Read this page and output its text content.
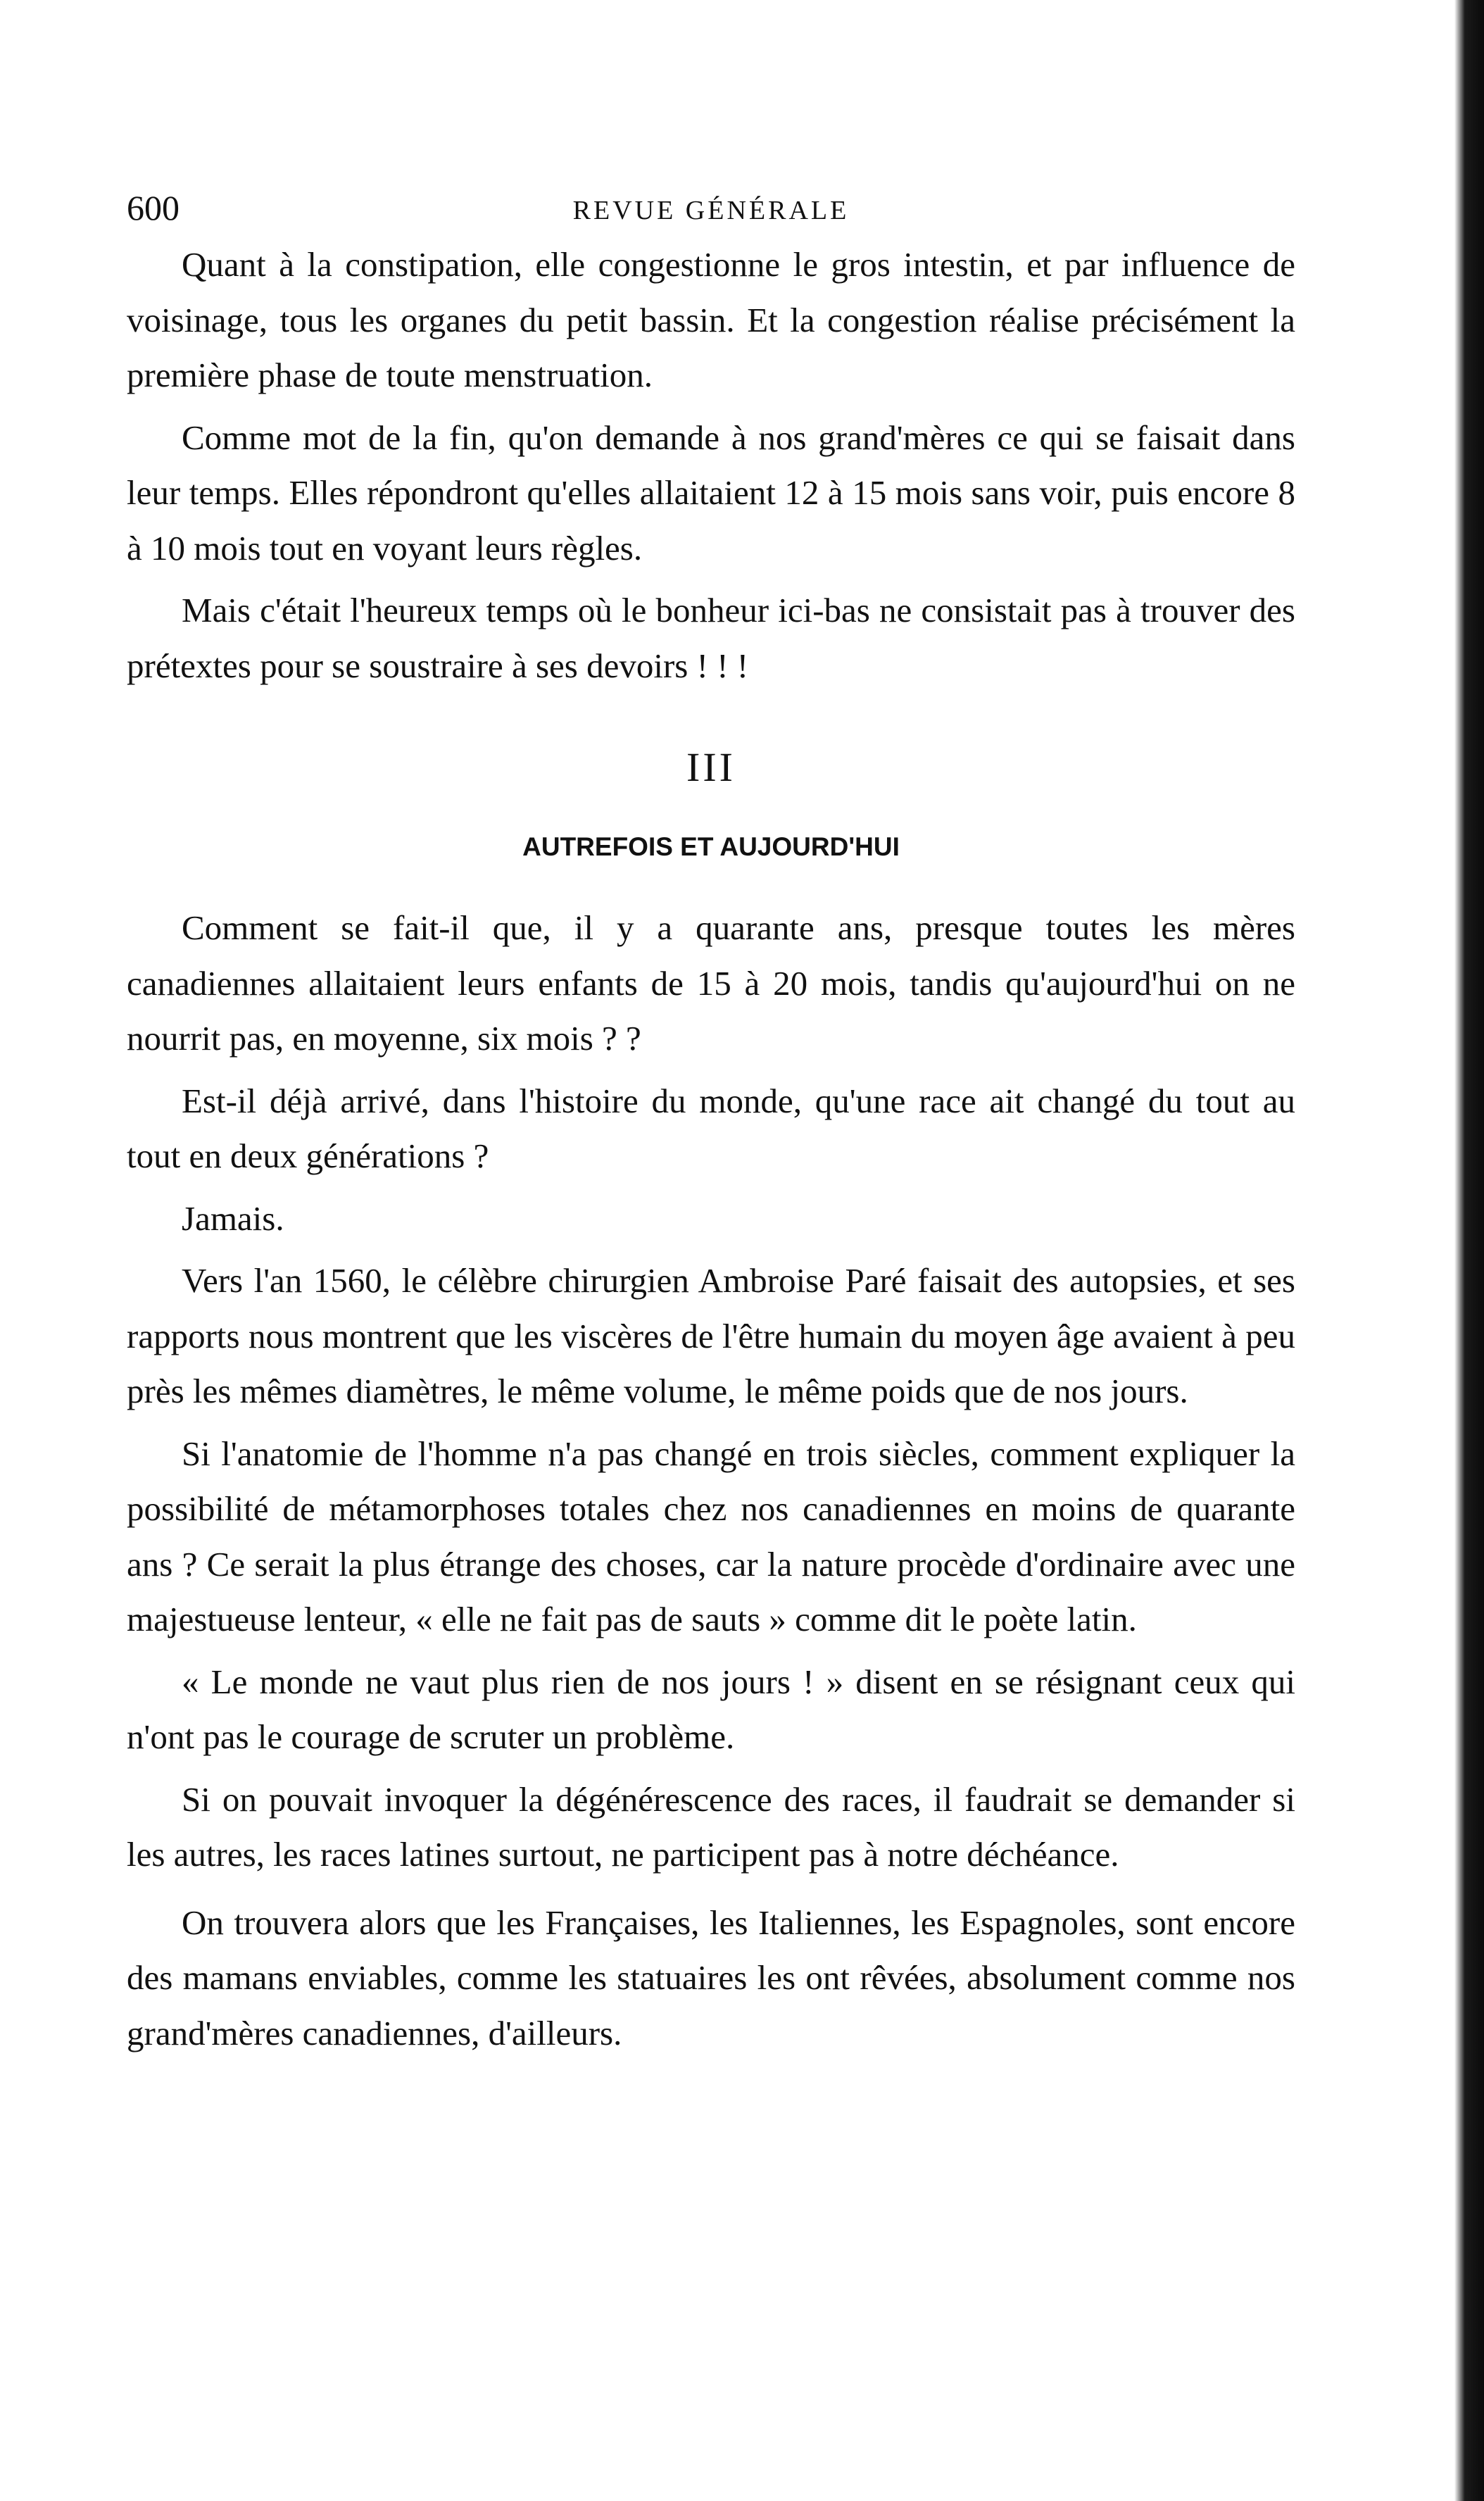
600	REVUE GÉNÉRALE

Quant à la constipation, elle congestionne le gros intestin, et par influence de voisinage, tous les organes du petit bassin. Et la congestion réalise précisément la première phase de toute menstruation.

Comme mot de la fin, qu'on demande à nos grand'mères ce qui se faisait dans leur temps. Elles répondront qu'elles allaitaient 12 à 15 mois sans voir, puis encore 8 à 10 mois tout en voyant leurs règles.

Mais c'était l'heureux temps où le bonheur ici-bas ne consistait pas à trouver des prétextes pour se soustraire à ses devoirs ! ! !

III
AUTREFOIS ET AUJOURD'HUI

Comment se fait-il que, il y a quarante ans, presque toutes les mères canadiennes allaitaient leurs enfants de 15 à 20 mois, tandis qu'aujourd'hui on ne nourrit pas, en moyenne, six mois ? ?

Est-il déjà arrivé, dans l'histoire du monde, qu'une race ait changé du tout au tout en deux générations ?

Jamais.

Vers l'an 1560, le célèbre chirurgien Ambroise Paré faisait des autopsies, et ses rapports nous montrent que les viscères de l'être humain du moyen âge avaient à peu près les mêmes diamètres, le même volume, le même poids que de nos jours.

Si l'anatomie de l'homme n'a pas changé en trois siècles, comment expliquer la possibilité de métamorphoses totales chez nos canadiennes en moins de quarante ans ? Ce serait la plus étrange des choses, car la nature procède d'ordinaire avec une majestueuse lenteur, « elle ne fait pas de sauts » comme dit le poète latin.

« Le monde ne vaut plus rien de nos jours ! » disent en se résignant ceux qui n'ont pas le courage de scruter un problème.

Si on pouvait invoquer la dégénérescence des races, il faudrait se demander si les autres, les races latines surtout, ne participent pas à notre déchéance.

On trouvera alors que les Françaises, les Italiennes, les Espagnoles, sont encore des mamans enviables, comme les statuaires les ont rêvées, absolument comme nos grand'mères canadiennes, d'ailleurs.
